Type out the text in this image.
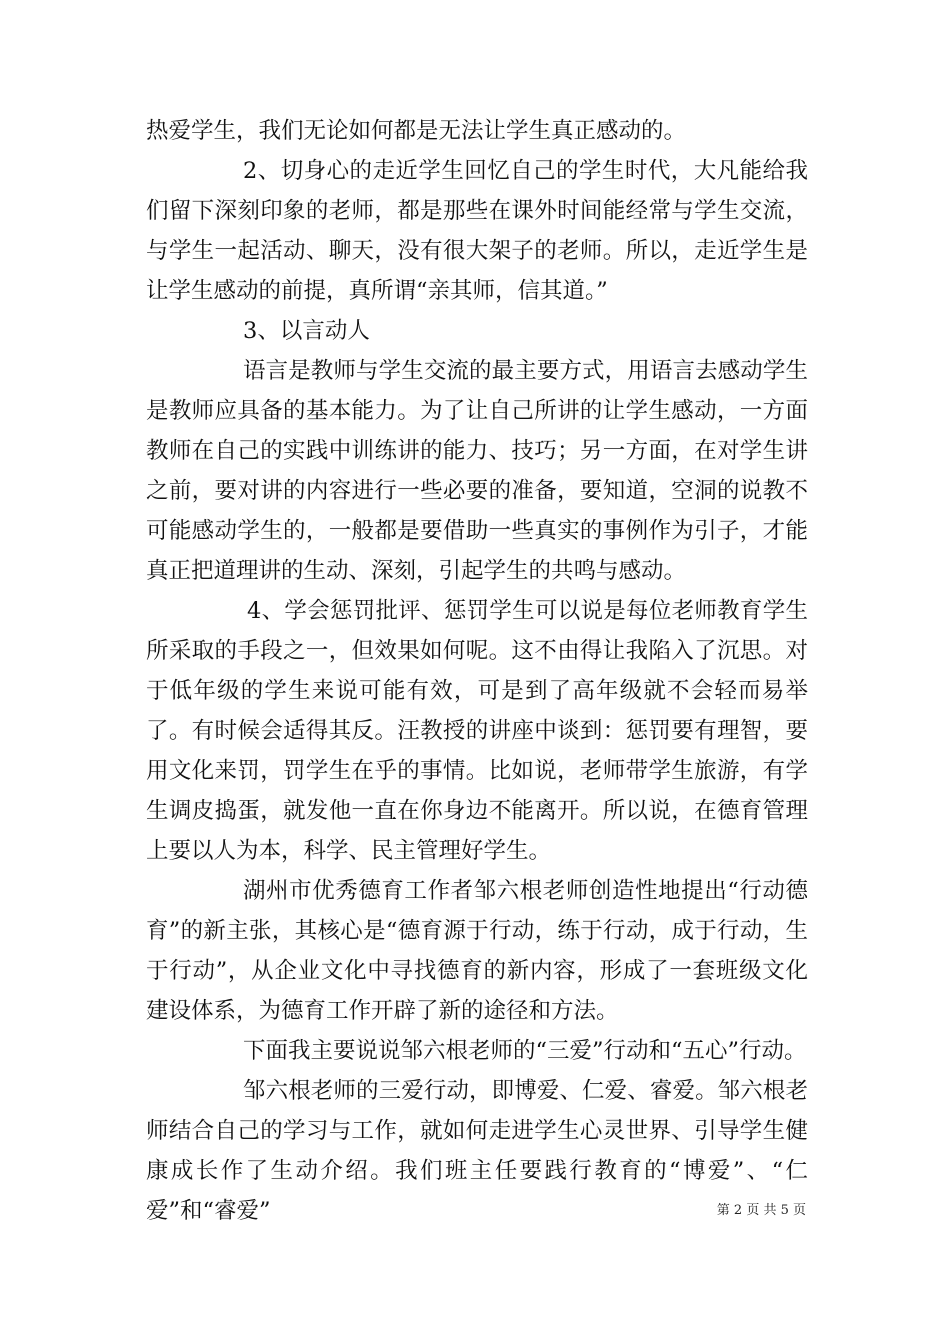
热爱学生，我们无论如何都是无法让学生真正感动的。

2、切身心的走近学生回忆自己的学生时代，大凡能给我们留下深刻印象的老师，都是那些在课外时间能经常与学生交流，与学生一起活动、聊天，没有很大架子的老师。所以，走近学生是让学生感动的前提，真所谓“亲其师，信其道。”

3、以言动人

语言是教师与学生交流的最主要方式，用语言去感动学生是教师应具备的基本能力。为了让自己所讲的让学生感动，一方面教师在自己的实践中训练讲的能力、技巧；另一方面，在对学生讲之前，要对讲的内容进行一些必要的准备，要知道，空洞的说教不可能感动学生的，一般都是要借助一些真实的事例作为引子，才能真正把道理讲的生动、深刻，引起学生的共鸣与感动。

4、学会惩罚批评、惩罚学生可以说是每位老师教育学生所采取的手段之一，但效果如何呢。这不由得让我陷入了沉思。对于低年级的学生来说可能有效，可是到了高年级就不会轻而易举了。有时候会适得其反。汪教授的讲座中谈到：惩罚要有理智，要用文化来罚，罚学生在乎的事情。比如说，老师带学生旅游，有学生调皮捣蛋，就发他一直在你身边不能离开。所以说，在德育管理上要以人为本，科学、民主管理好学生。

湖州市优秀德育工作者邹六根老师创造性地提出“行动德育”的新主张，其核心是“德育源于行动，练于行动，成于行动，生于行动”，从企业文化中寻找德育的新内容，形成了一套班级文化建设体系，为德育工作开辟了新的途径和方法。

下面我主要说说邹六根老师的“三爱”行动和“五心”行动。

邹六根老师的三爱行动，即博爱、仁爱、睿爱。邹六根老师结合自己的学习与工作，就如何走进学生心灵世界、引导学生健康成长作了生动介绍。我们班主任要践行教育的“博爱”、“仁爱”和“睿爱”	第 2 页 共 5 页
